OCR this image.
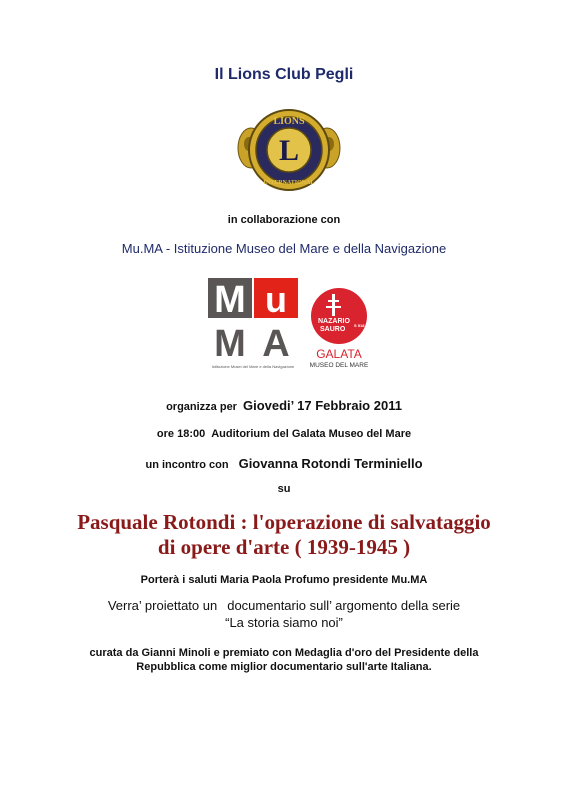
Il Lions Club Pegli
LIONS
INTERNATIONAL
L
in collaborazione con
Mu.MA - Istituzione Museo del Mare e della Navigazione
M u
M A
Istituzione Musei del Mare e della Navigazione
NAZARIO
SAURO
S 518
GALATA
MUSEO DEL MARE
organizza per Giovedi’ 17 Febbraio 2011
ore 18:00 Auditorium del Galata Museo del Mare
un incontro con Giovanna Rotondi Terminiello
su
Pasquale Rotondi : l'operazione di salvataggio
di opere d'arte ( 1939-1945 )
Porterà i saluti Maria Paola Profumo presidente Mu.MA
Verra’ proiettato un documentario sull’ argomento della serie
“La storia siamo noi”
curata da Gianni Minoli e premiato con Medaglia d'oro del Presidente della
Repubblica come miglior documentario sull'arte Italiana.
